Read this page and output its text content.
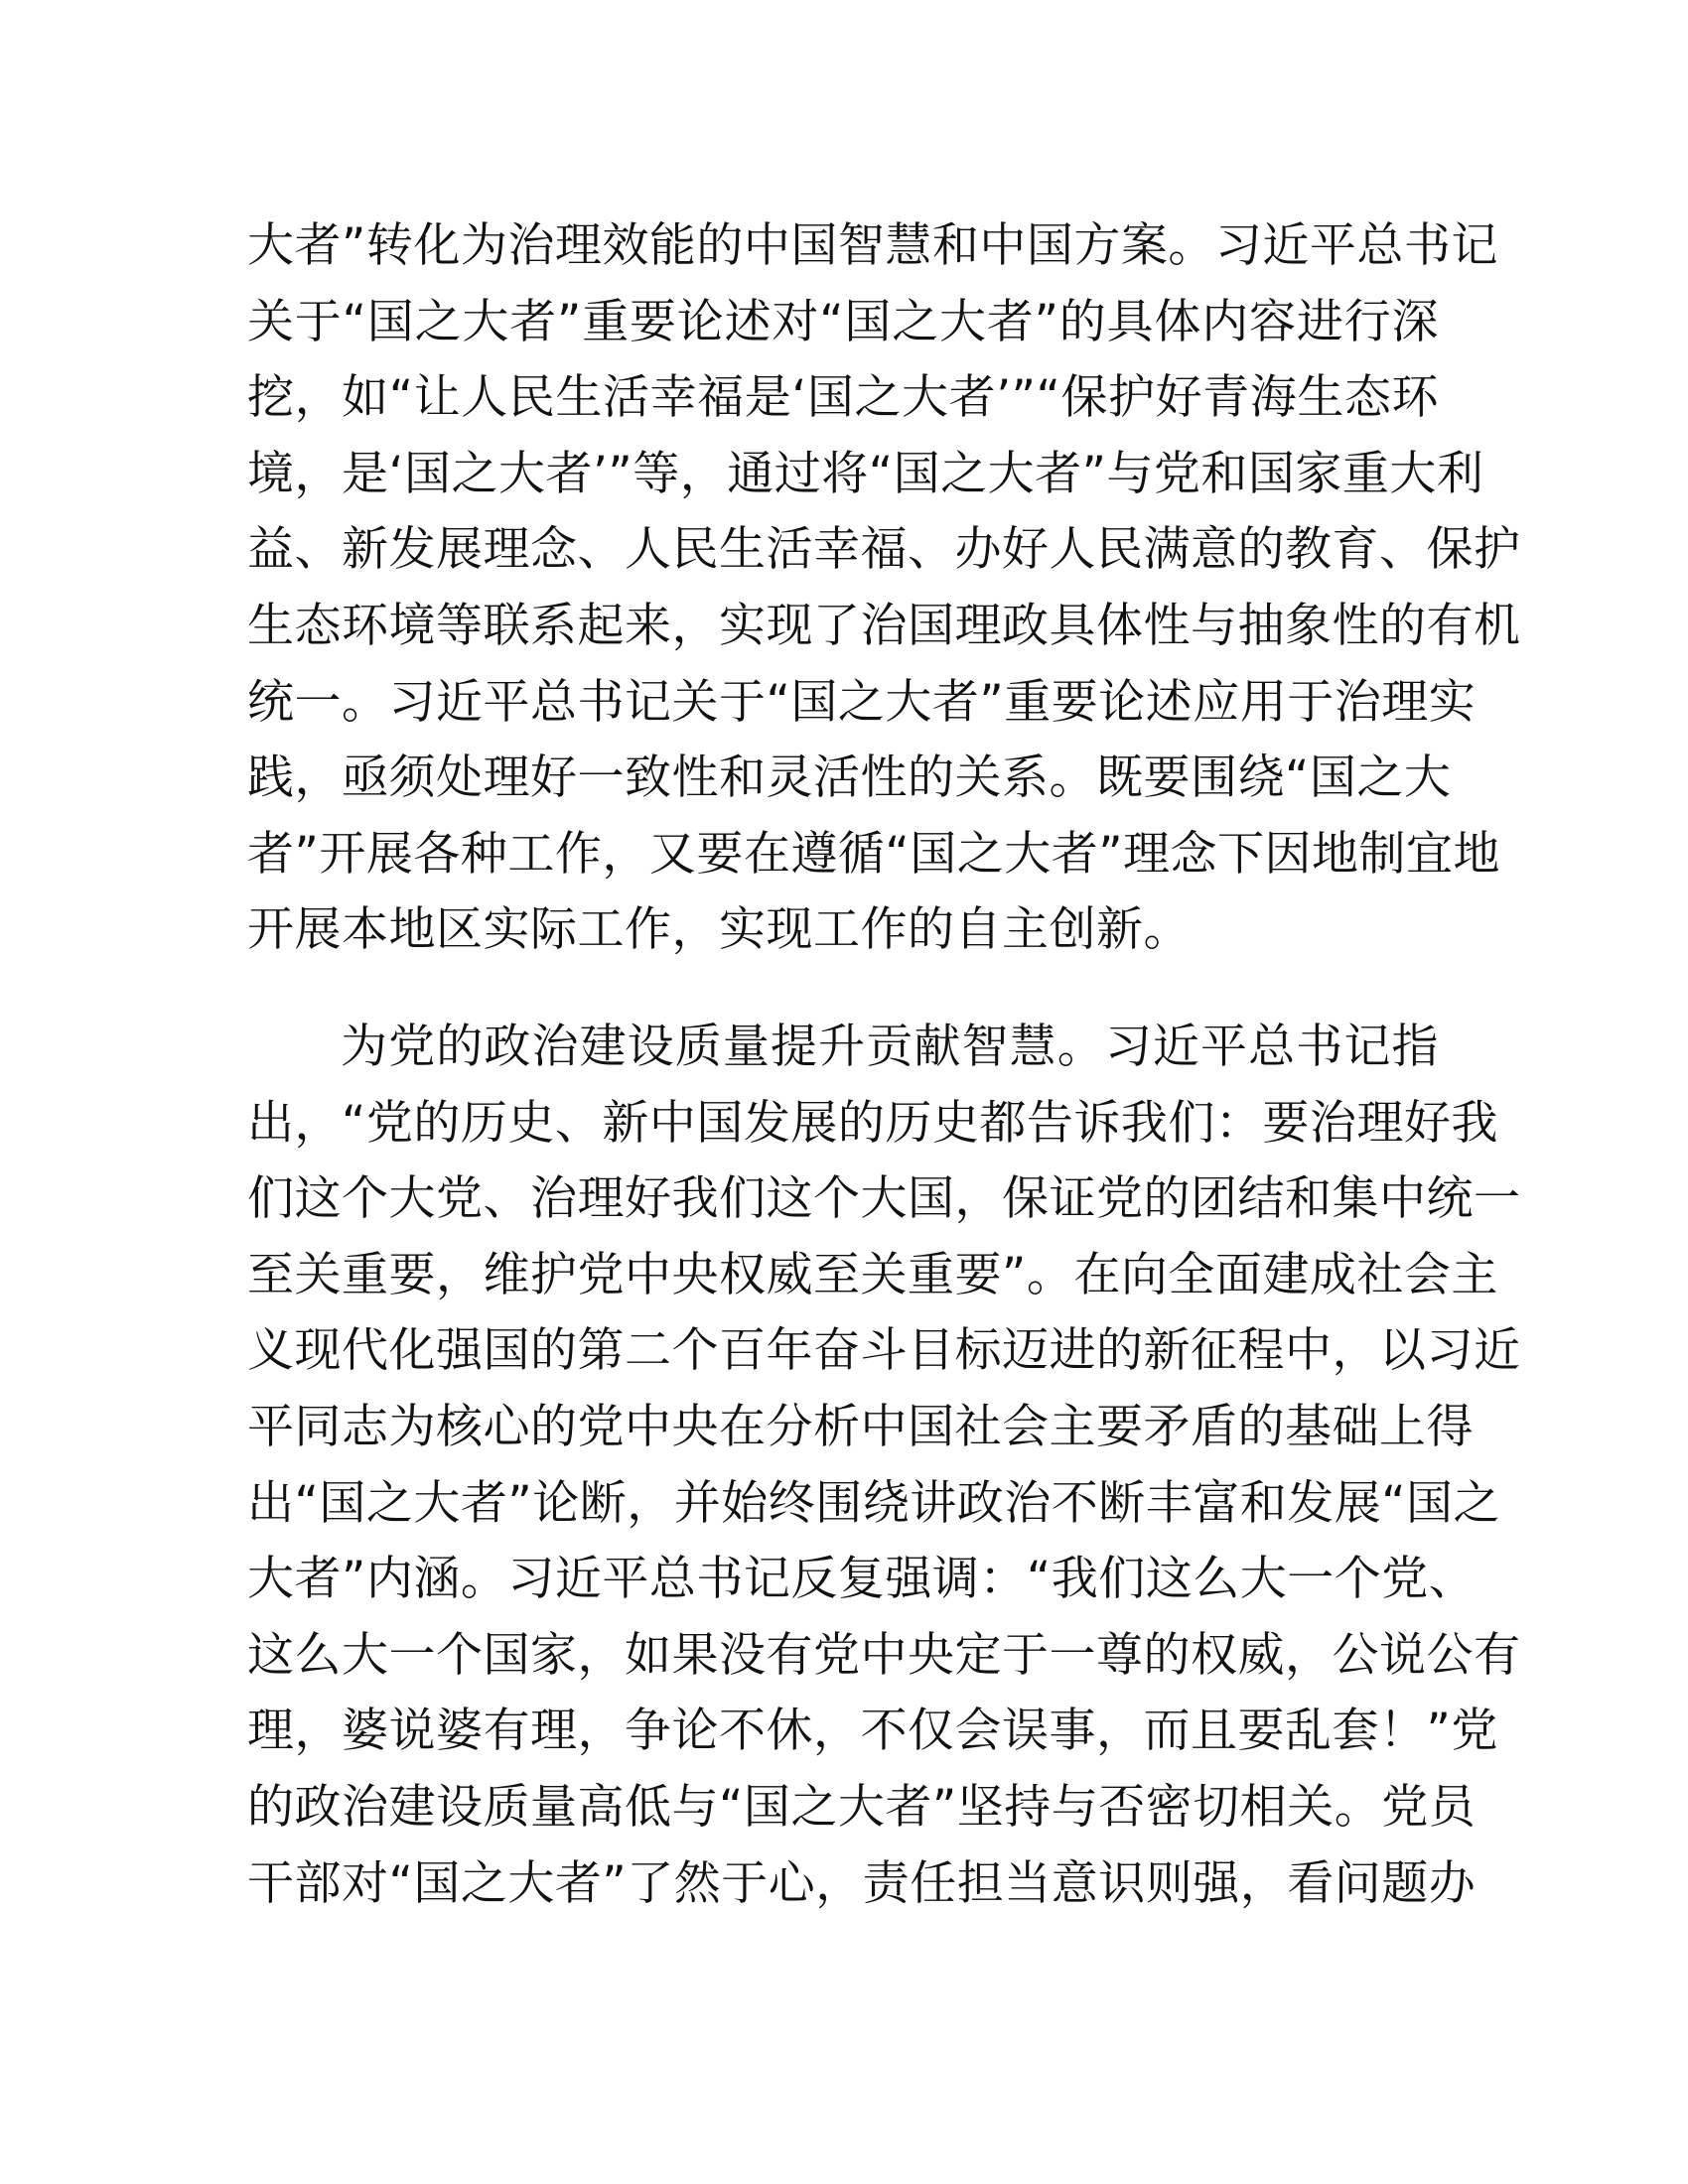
大者”转化为治理效能的中国智慧和中国方案。习近平总书记
关于“国之大者”重要论述对“国之大者”的具体内容进行深
挖，如“让人民生活幸福是‘国之大者’”“保护好青海生态环
境，是‘国之大者’”等，通过将“国之大者”与党和国家重大利
益、新发展理念、人民生活幸福、办好人民满意的教育、保护
生态环境等联系起来，实现了治国理政具体性与抽象性的有机
统一。习近平总书记关于“国之大者”重要论述应用于治理实
践，亟须处理好一致性和灵活性的关系。既要围绕“国之大
者”开展各种工作，又要在遵循“国之大者”理念下因地制宜地
开展本地区实际工作，实现工作的自主创新。
为党的政治建设质量提升贡献智慧。习近平总书记指
出，“党的历史、新中国发展的历史都告诉我们：要治理好我
们这个大党、治理好我们这个大国，保证党的团结和集中统一
至关重要，维护党中央权威至关重要”。在向全面建成社会主
义现代化强国的第二个百年奋斗目标迈进的新征程中，以习近
平同志为核心的党中央在分析中国社会主要矛盾的基础上得
出“国之大者”论断，并始终围绕讲政治不断丰富和发展“国之
大者”内涵。习近平总书记反复强调：“我们这么大一个党、
这么大一个国家，如果没有党中央定于一尊的权威，公说公有
理，婆说婆有理，争论不休，不仅会误事，而且要乱套！”党
的政治建设质量高低与“国之大者”坚持与否密切相关。党员
干部对“国之大者”了然于心，责任担当意识则强，看问题办
